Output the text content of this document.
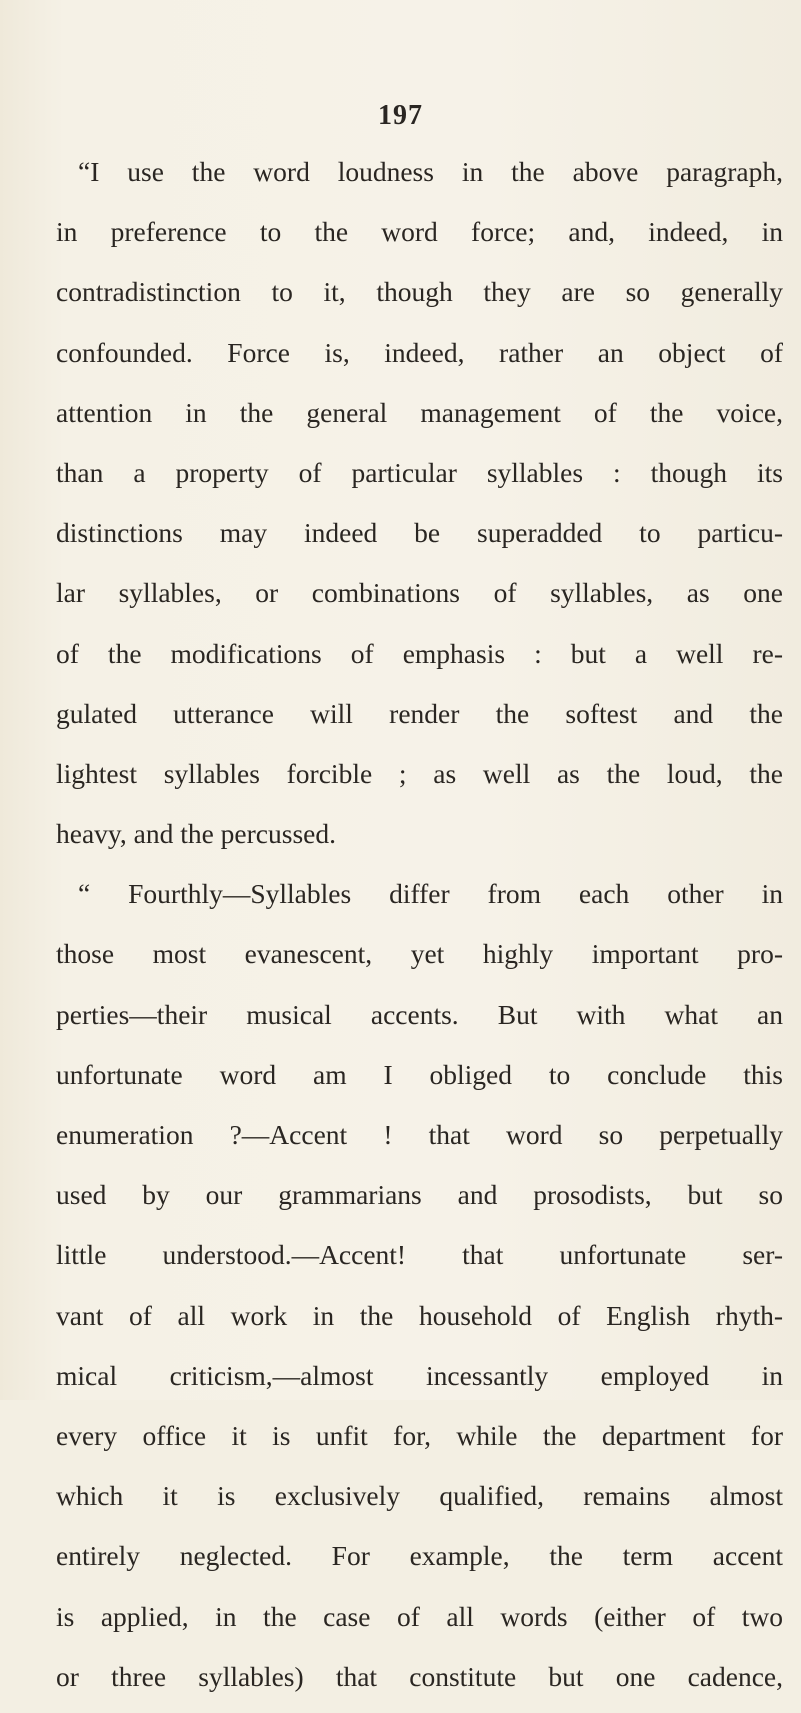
197
“I use the word loudness in the above paragraph,
in preference to the word force; and, indeed, in
contradistinction to it, though they are so generally
confounded. Force is, indeed, rather an object of
attention in the general management of the voice,
than a property of particular syllables : though its
distinctions may indeed be superadded to particu-
lar syllables, or combinations of syllables, as one
of the modifications of emphasis : but a well re-
gulated utterance will render the softest and the
lightest syllables forcible ; as well as the loud, the
heavy, and the percussed.
“ Fourthly—Syllables differ from each other in
those most evanescent, yet highly important pro-
perties—their musical accents. But with what an
unfortunate word am I obliged to conclude this
enumeration ?—Accent ! that word so perpetually
used by our grammarians and prosodists, but so
little understood.—Accent! that unfortunate ser-
vant of all work in the household of English rhyth-
mical criticism,—almost incessantly employed in
every office it is unfit for, while the department for
which it is exclusively qualified, remains almost
entirely neglected. For example, the term accent
is applied, in the case of all words (either of two
or three syllables) that constitute but one cadence,
